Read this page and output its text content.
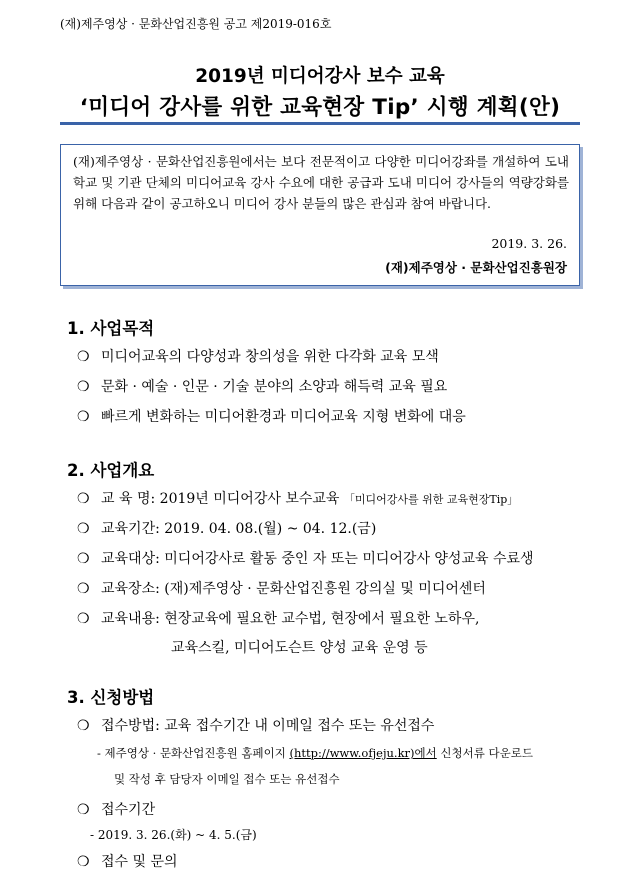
(재)제주영상 · 문화산업진흥원 공고 제2019-016호
2019년 미디어강사 보수 교육
‘미디어 강사를 위한 교육현장 Tip’ 시행 계획(안)

(재)제주영상 · 문화산업진흥원에서는 보다 전문적이고 다양한 미디어강좌를 개설하여 도내 학교 및 기관 단체의 미디어교육 강사 수요에 대한 공급과 도내 미디어 강사들의 역량강화를 위해 다음과 같이 공고하오니 미디어 강사 분들의 많은 관심과 참여 바랍니다.

2019. 3. 26.
(재)제주영상 · 문화산업진흥원장
1. 사업목적
❍ 미디어교육의 다양성과 창의성을 위한 다각화 교육 모색
❍ 문화 · 예술 · 인문 · 기술 분야의 소양과 해득력 교육 필요
❍ 빠르게 변화하는 미디어환경과 미디어교육 지형 변화에 대응
2. 사업개요
❍ 교 육 명: 2019년 미디어강사 보수교육 「미디어강사를 위한 교육현장Tip」
❍ 교육기간: 2019. 04. 08.(월) ~ 04. 12.(금)
❍ 교육대상: 미디어강사로 활동 중인 자 또는 미디어강사 양성교육 수료생
❍ 교육장소: (재)제주영상 · 문화산업진흥원 강의실 및 미디어센터
❍ 교육내용: 현장교육에 필요한 교수법, 현장에서 필요한 노하우,
교육스킬, 미디어도슨트 양성 교육 운영 등
3. 신청방법
❍ 접수방법: 교육 접수기간 내 이메일 접수 또는 유선접수
- 제주영상 · 문화산업진흥원 홈페이지 (http://www.ofjeju.kr)에서 신청서류 다운로드
및 작성 후 담당자 이메일 접수 또는 유선접수
❍ 접수기간
- 2019. 3. 26.(화) ~ 4. 5.(금)
❍ 접수 및 문의
